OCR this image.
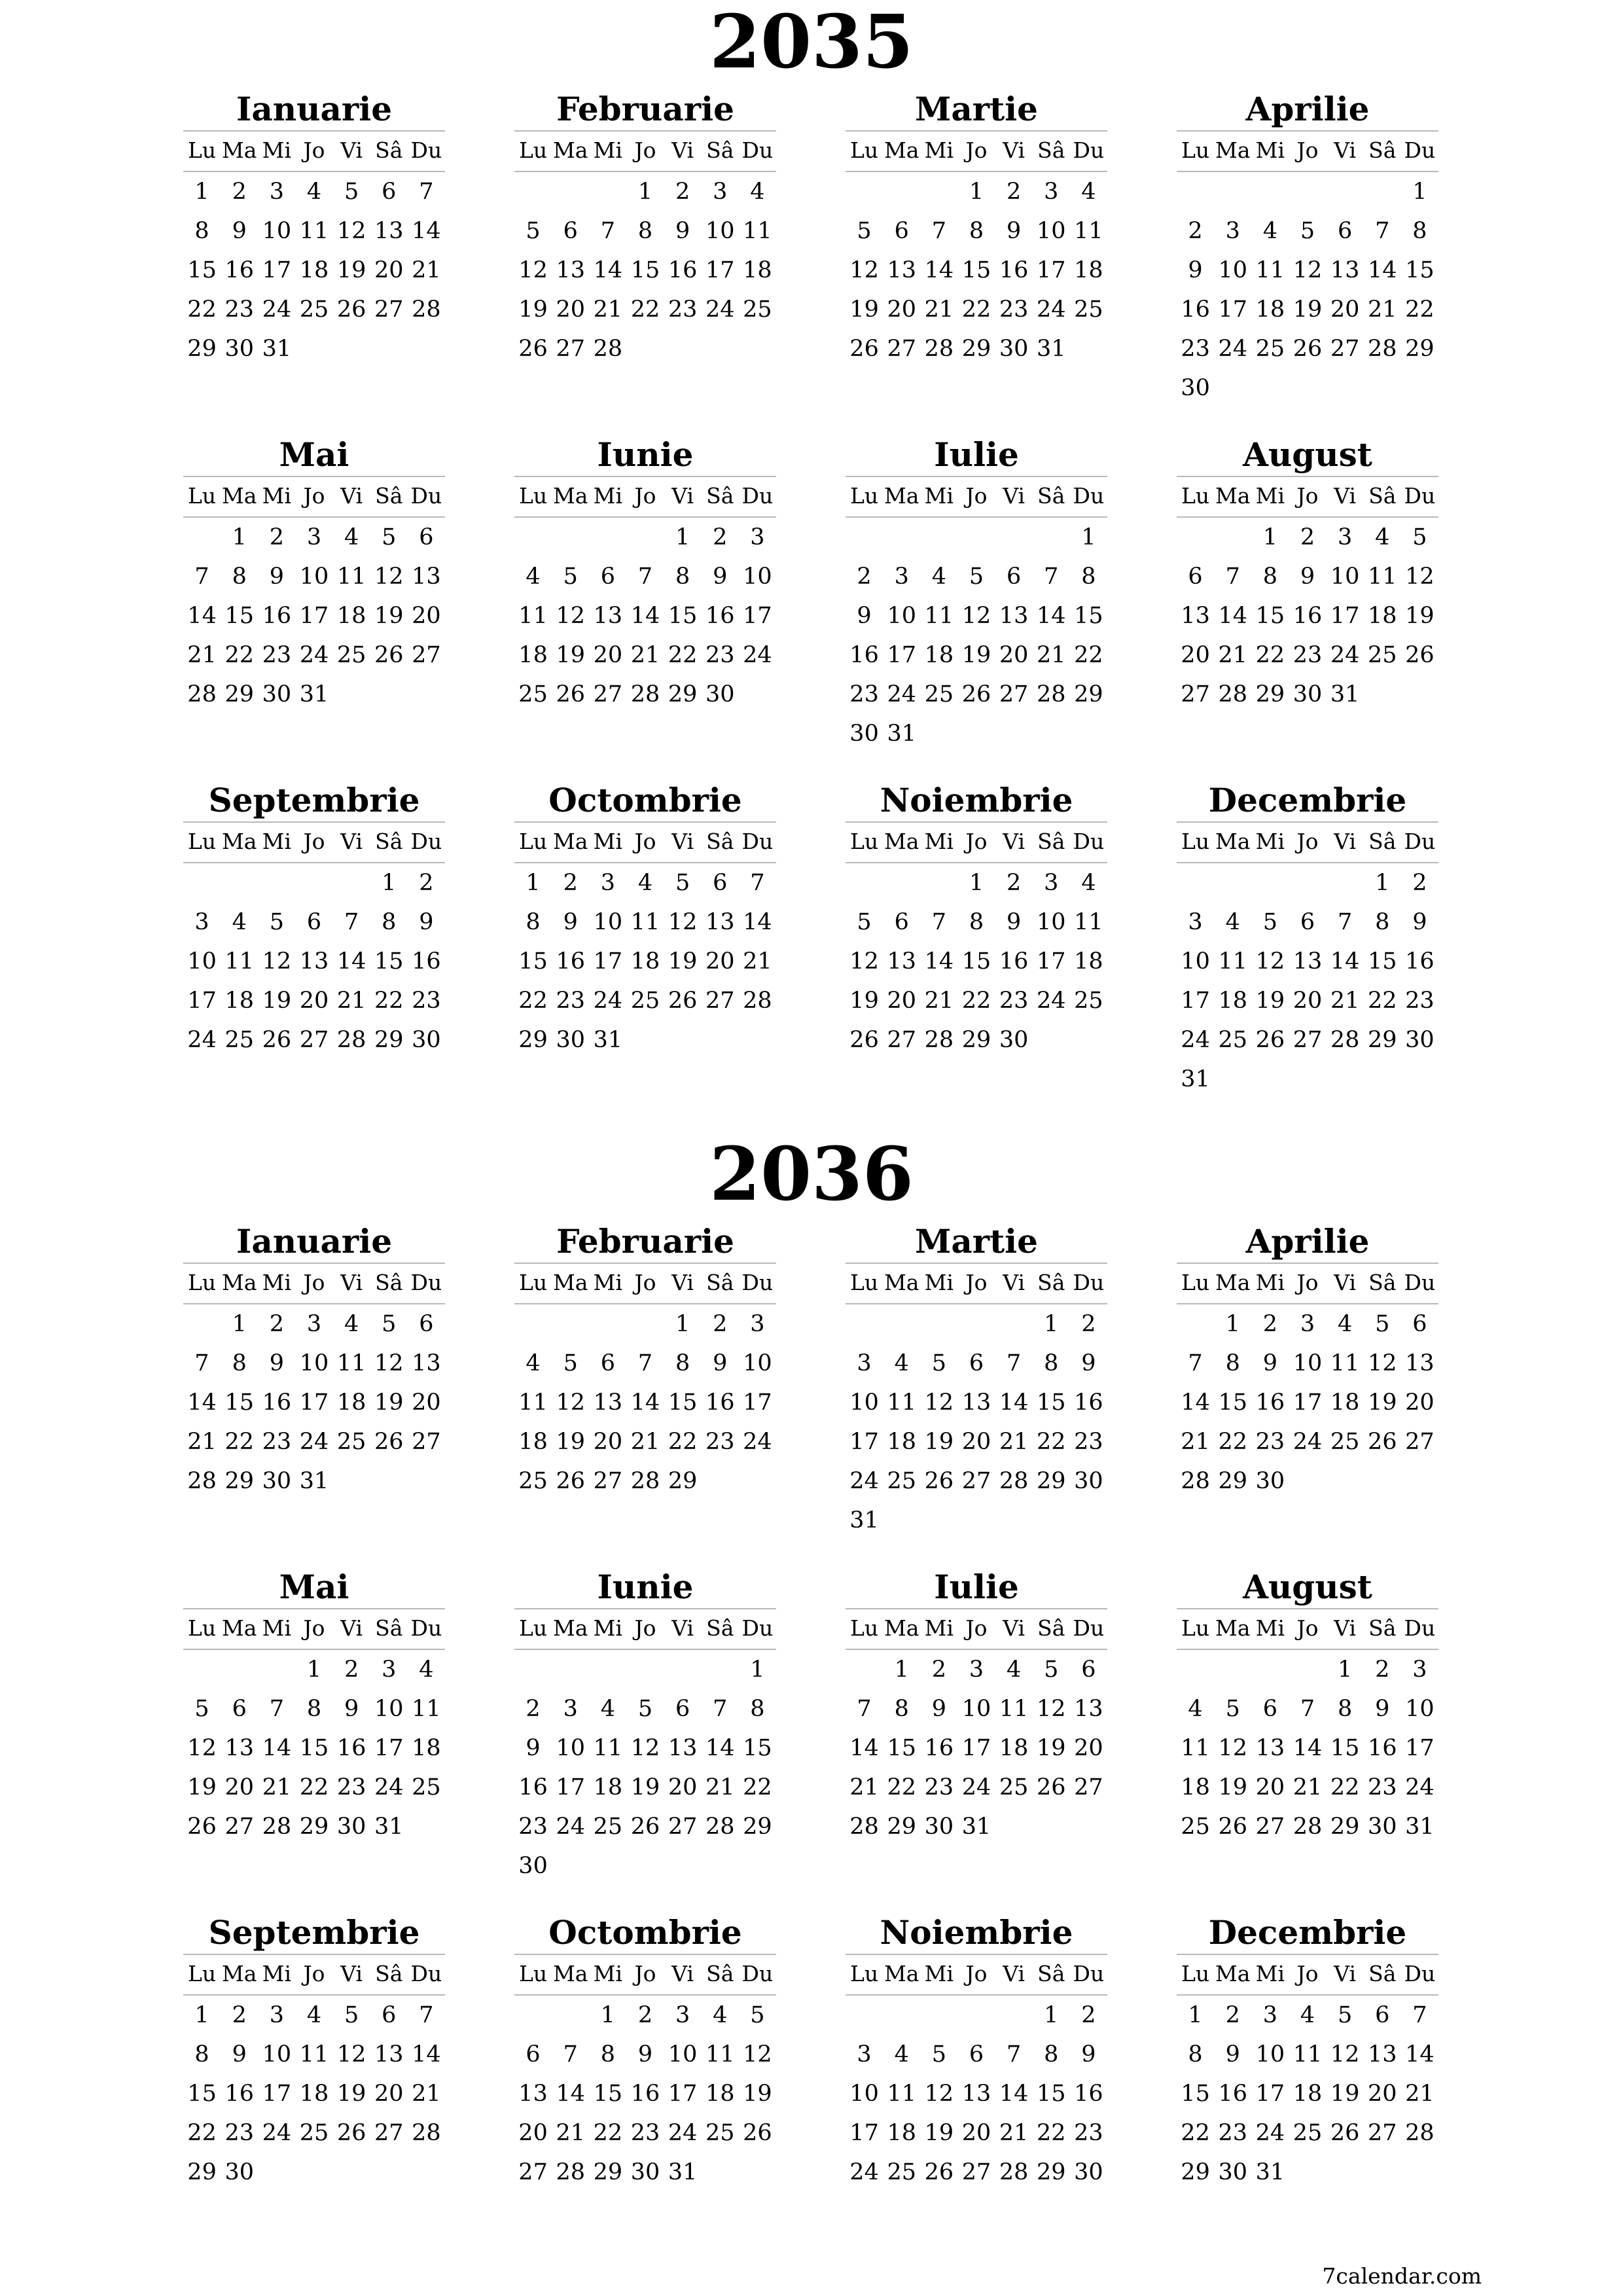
2035
Ianuarie
Lu Ma Mi Jo Vi Sâ Du
1 2 3 4 5 6 7
8 9 10 11 12 13 14
15 16 17 18 19 20 21
22 23 24 25 26 27 28
29 30 31
Februarie
Lu Ma Mi Jo Vi Sâ Du
1 2 3 4
5 6 7 8 9 10 11
12 13 14 15 16 17 18
19 20 21 22 23 24 25
26 27 28
Martie
Lu Ma Mi Jo Vi Sâ Du
1 2 3 4
5 6 7 8 9 10 11
12 13 14 15 16 17 18
19 20 21 22 23 24 25
26 27 28 29 30 31
Aprilie
Lu Ma Mi Jo Vi Sâ Du
1
2 3 4 5 6 7 8
9 10 11 12 13 14 15
16 17 18 19 20 21 22
23 24 25 26 27 28 29
30
Mai
Lu Ma Mi Jo Vi Sâ Du
1 2 3 4 5 6
7 8 9 10 11 12 13
14 15 16 17 18 19 20
21 22 23 24 25 26 27
28 29 30 31
Iunie
Lu Ma Mi Jo Vi Sâ Du
1 2 3
4 5 6 7 8 9 10
11 12 13 14 15 16 17
18 19 20 21 22 23 24
25 26 27 28 29 30
Iulie
Lu Ma Mi Jo Vi Sâ Du
1
2 3 4 5 6 7 8
9 10 11 12 13 14 15
16 17 18 19 20 21 22
23 24 25 26 27 28 29
30 31
August
Lu Ma Mi Jo Vi Sâ Du
1 2 3 4 5
6 7 8 9 10 11 12
13 14 15 16 17 18 19
20 21 22 23 24 25 26
27 28 29 30 31
Septembrie
Lu Ma Mi Jo Vi Sâ Du
1 2
3 4 5 6 7 8 9
10 11 12 13 14 15 16
17 18 19 20 21 22 23
24 25 26 27 28 29 30
Octombrie
Lu Ma Mi Jo Vi Sâ Du
1 2 3 4 5 6 7
8 9 10 11 12 13 14
15 16 17 18 19 20 21
22 23 24 25 26 27 28
29 30 31
Noiembrie
Lu Ma Mi Jo Vi Sâ Du
1 2 3 4
5 6 7 8 9 10 11
12 13 14 15 16 17 18
19 20 21 22 23 24 25
26 27 28 29 30
Decembrie
Lu Ma Mi Jo Vi Sâ Du
1 2
3 4 5 6 7 8 9
10 11 12 13 14 15 16
17 18 19 20 21 22 23
24 25 26 27 28 29 30
31
2036
Ianuarie
Lu Ma Mi Jo Vi Sâ Du
1 2 3 4 5 6
7 8 9 10 11 12 13
14 15 16 17 18 19 20
21 22 23 24 25 26 27
28 29 30 31
Februarie
Lu Ma Mi Jo Vi Sâ Du
1 2 3
4 5 6 7 8 9 10
11 12 13 14 15 16 17
18 19 20 21 22 23 24
25 26 27 28 29
Martie
Lu Ma Mi Jo Vi Sâ Du
1 2
3 4 5 6 7 8 9
10 11 12 13 14 15 16
17 18 19 20 21 22 23
24 25 26 27 28 29 30
31
Aprilie
Lu Ma Mi Jo Vi Sâ Du
1 2 3 4 5 6
7 8 9 10 11 12 13
14 15 16 17 18 19 20
21 22 23 24 25 26 27
28 29 30
Mai
Lu Ma Mi Jo Vi Sâ Du
1 2 3 4
5 6 7 8 9 10 11
12 13 14 15 16 17 18
19 20 21 22 23 24 25
26 27 28 29 30 31
Iunie
Lu Ma Mi Jo Vi Sâ Du
1
2 3 4 5 6 7 8
9 10 11 12 13 14 15
16 17 18 19 20 21 22
23 24 25 26 27 28 29
30
Iulie
Lu Ma Mi Jo Vi Sâ Du
1 2 3 4 5 6
7 8 9 10 11 12 13
14 15 16 17 18 19 20
21 22 23 24 25 26 27
28 29 30 31
August
Lu Ma Mi Jo Vi Sâ Du
1 2 3
4 5 6 7 8 9 10
11 12 13 14 15 16 17
18 19 20 21 22 23 24
25 26 27 28 29 30 31
Septembrie
Lu Ma Mi Jo Vi Sâ Du
1 2 3 4 5 6 7
8 9 10 11 12 13 14
15 16 17 18 19 20 21
22 23 24 25 26 27 28
29 30
Octombrie
Lu Ma Mi Jo Vi Sâ Du
1 2 3 4 5
6 7 8 9 10 11 12
13 14 15 16 17 18 19
20 21 22 23 24 25 26
27 28 29 30 31
Noiembrie
Lu Ma Mi Jo Vi Sâ Du
1 2
3 4 5 6 7 8 9
10 11 12 13 14 15 16
17 18 19 20 21 22 23
24 25 26 27 28 29 30
Decembrie
Lu Ma Mi Jo Vi Sâ Du
1 2 3 4 5 6 7
8 9 10 11 12 13 14
15 16 17 18 19 20 21
22 23 24 25 26 27 28
29 30 31
7calendar.com
